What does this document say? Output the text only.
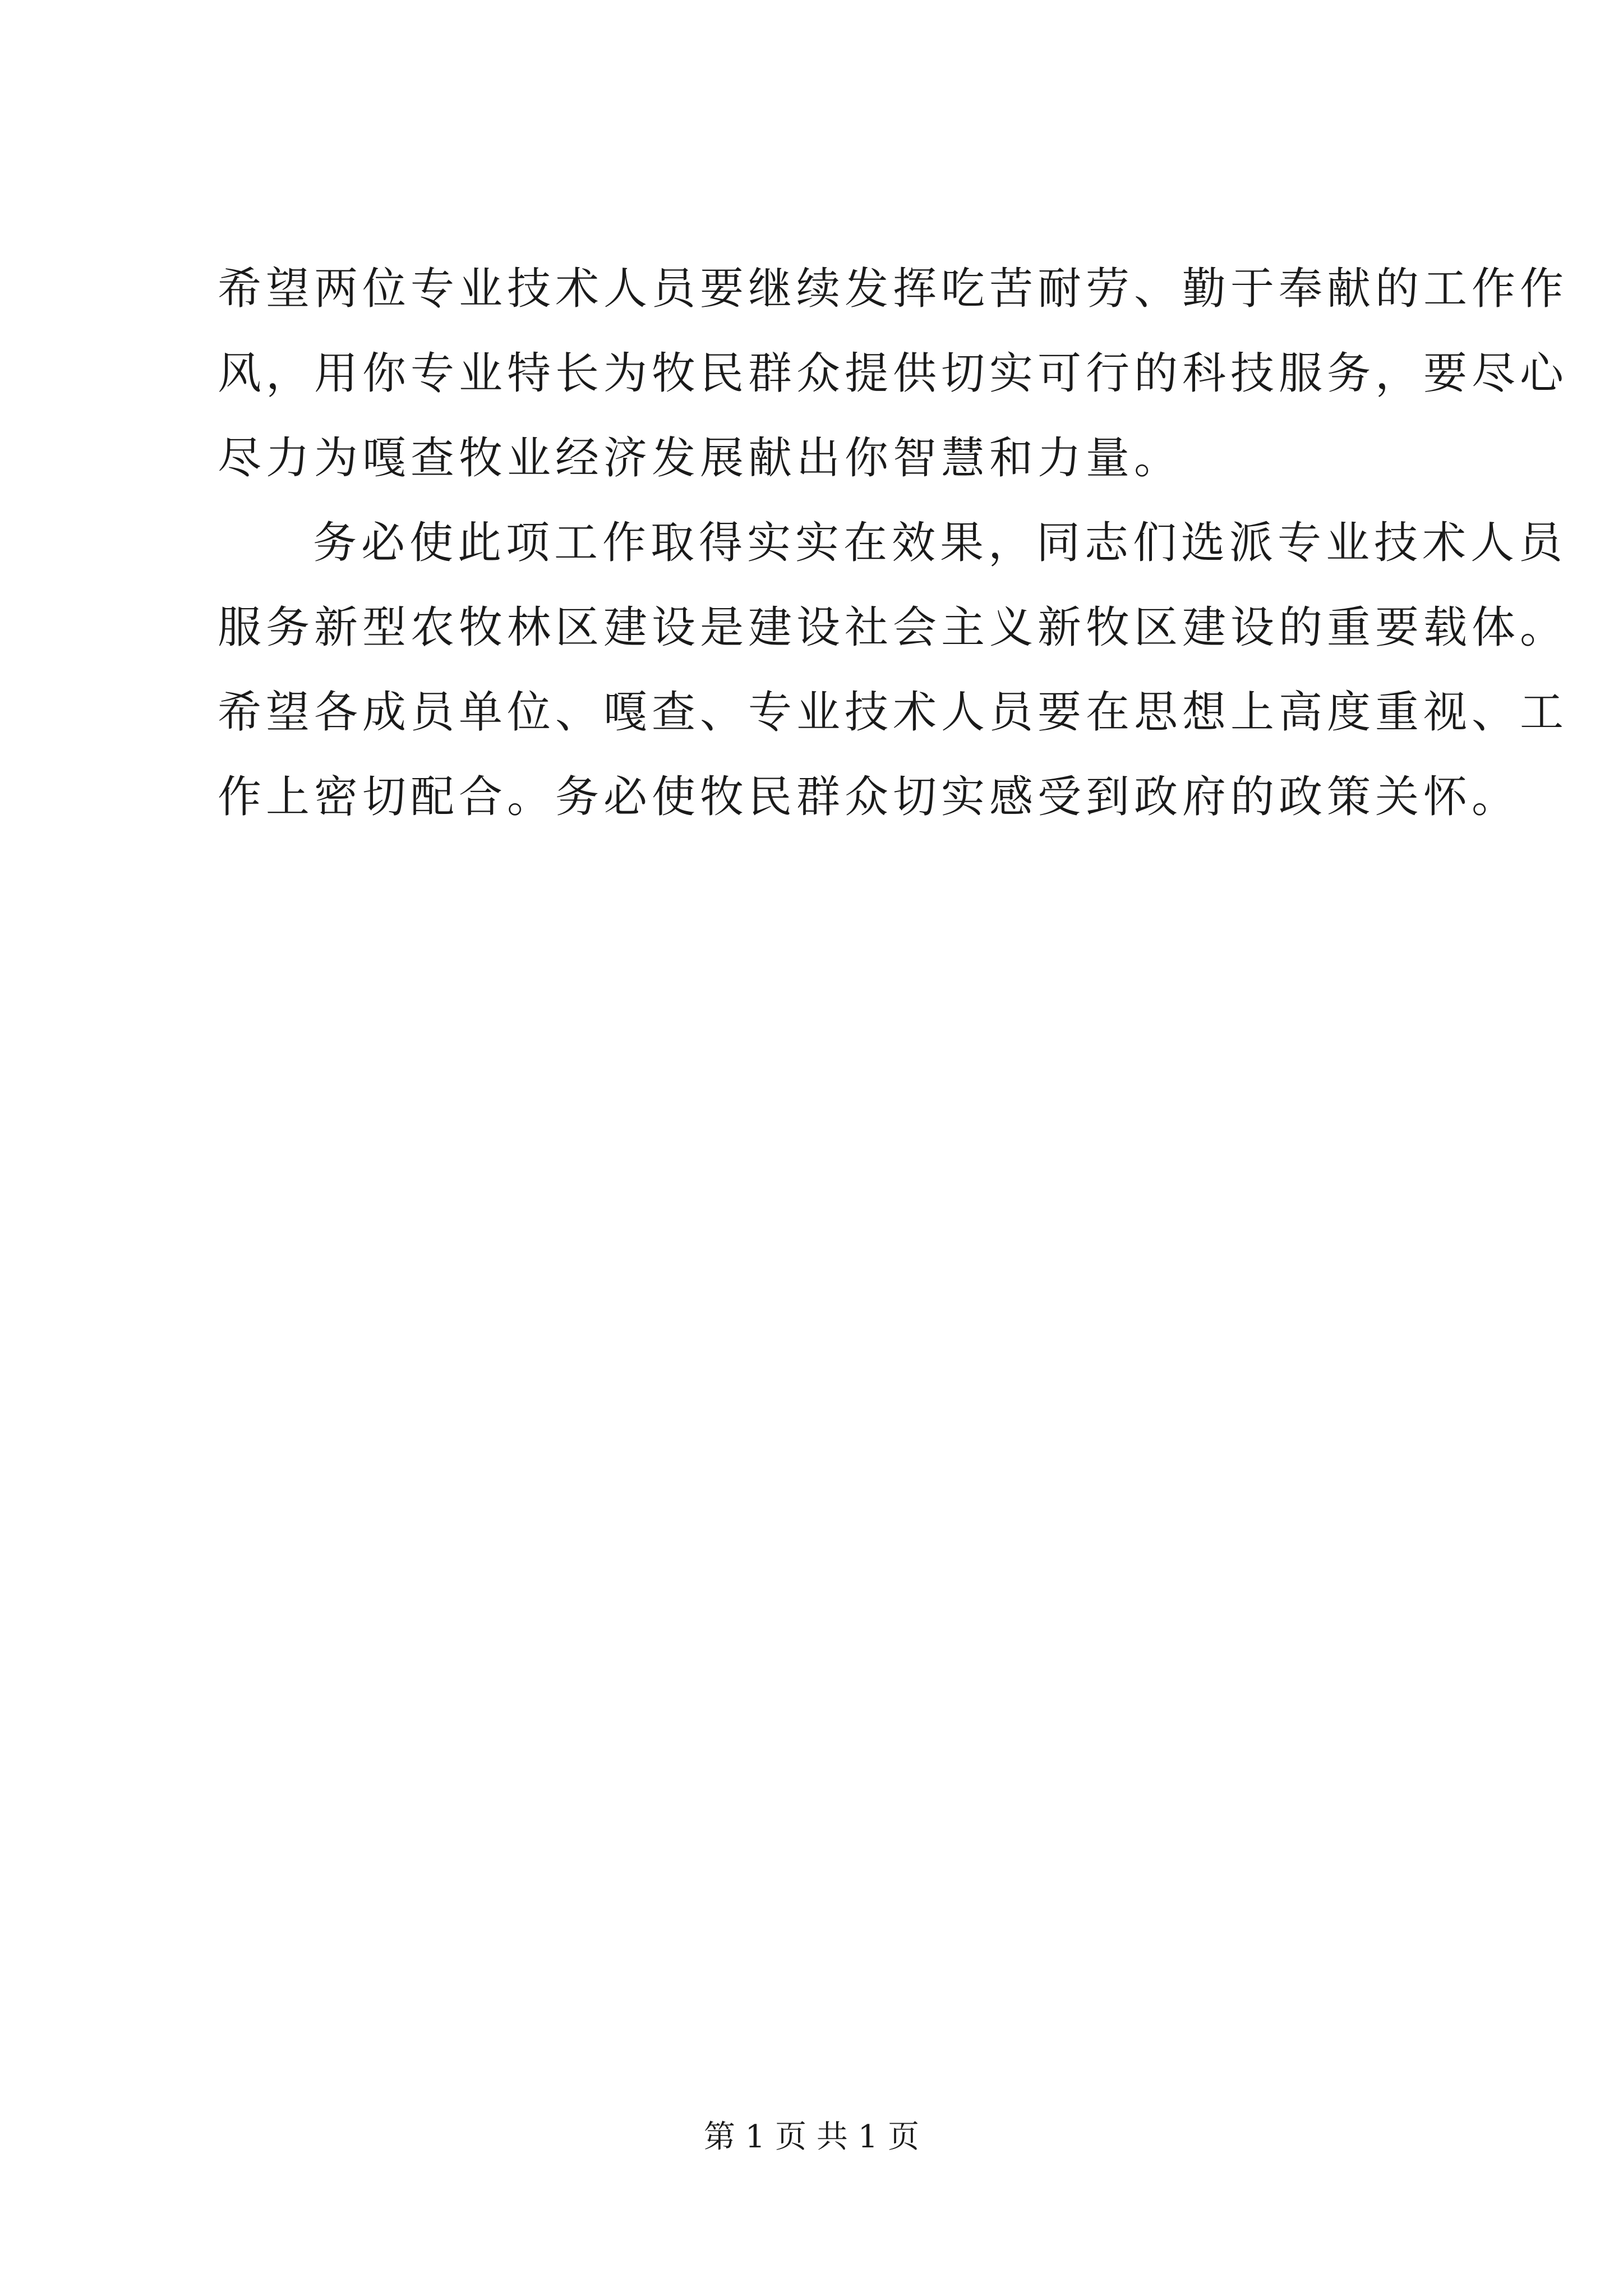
希望两位专业技术人员要继续发挥吃苦耐劳、勤于奉献的工作作
风，用你专业特长为牧民群众提供切实可行的科技服务，要尽心
尽力为嘎查牧业经济发展献出你智慧和力量。
务必使此项工作取得实实在效果，同志们选派专业技术人员
服务新型农牧林区建设是建设社会主义新牧区建设的重要载体。
希望各成员单位、嘎查、专业技术人员要在思想上高度重视、工
作上密切配合。务必使牧民群众切实感受到政府的政策关怀。
第 1 页 共 1 页
